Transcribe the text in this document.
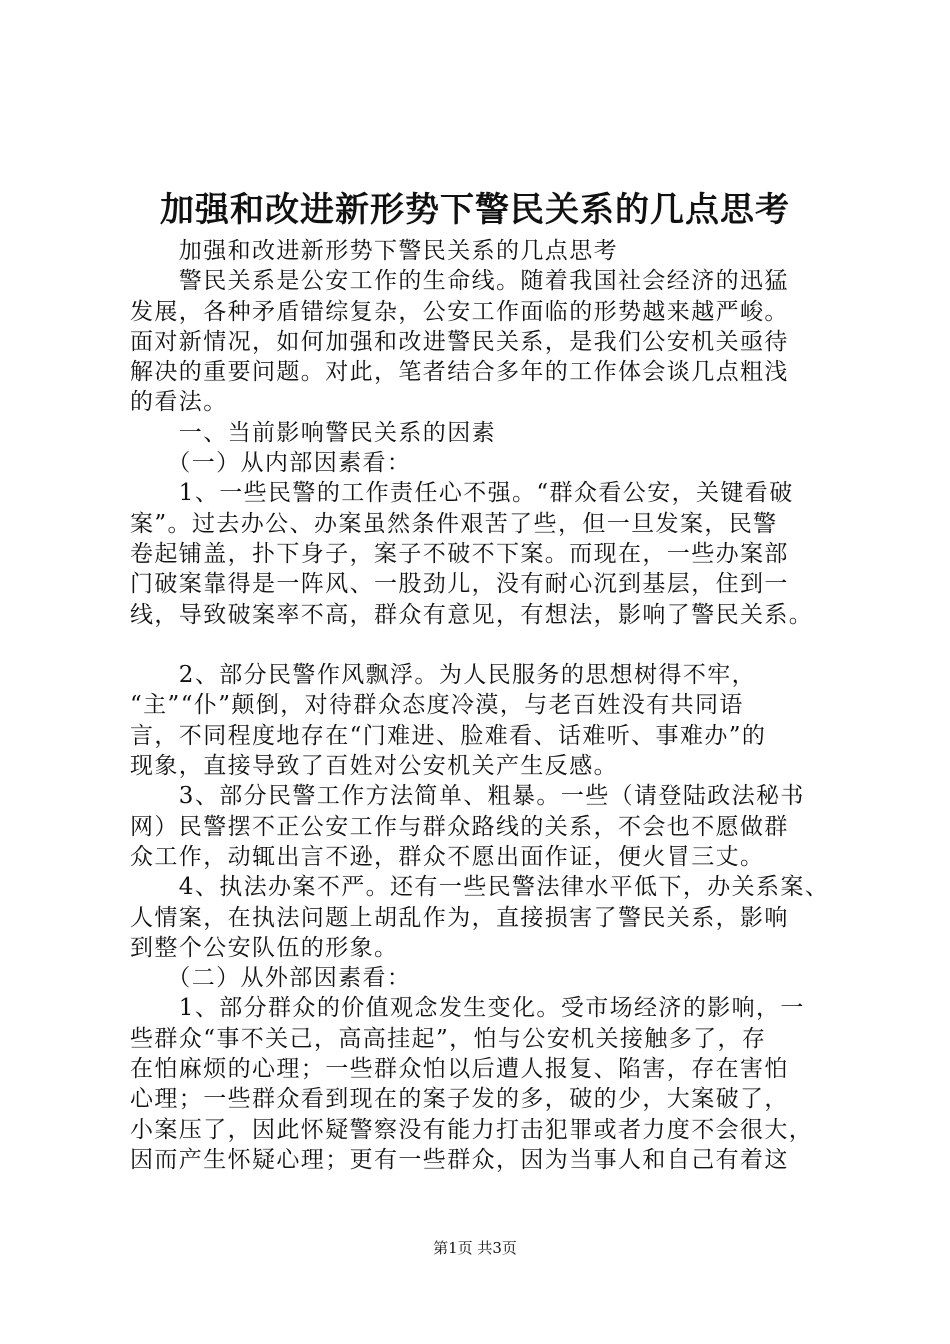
加强和改进新形势下警民关系的几点思考
　　加强和改进新形势下警民关系的几点思考
　　警民关系是公安工作的生命线。随着我国社会经济的迅猛
发展，各种矛盾错综复杂，公安工作面临的形势越来越严峻。
面对新情况，如何加强和改进警民关系，是我们公安机关亟待
解决的重要问题。对此，笔者结合多年的工作体会谈几点粗浅
的看法。
　　一、当前影响警民关系的因素
　　（一）从内部因素看：
　　1、一些民警的工作责任心不强。“群众看公安，关键看破
案”。过去办公、办案虽然条件艰苦了些，但一旦发案，民警
卷起铺盖，扑下身子，案子不破不下案。而现在，一些办案部
门破案靠得是一阵风、一股劲儿，没有耐心沉到基层，住到一
线，导致破案率不高，群众有意见，有想法，影响了警民关系。
　　2、部分民警作风飘浮。为人民服务的思想树得不牢，
“主”“仆”颠倒，对待群众态度冷漠，与老百姓没有共同语
言，不同程度地存在“门难进、脸难看、话难听、事难办”的
现象，直接导致了百姓对公安机关产生反感。
　　3、部分民警工作方法简单、粗暴。一些（请登陆政法秘书
网）民警摆不正公安工作与群众路线的关系，不会也不愿做群
众工作，动辄出言不逊，群众不愿出面作证，便火冒三丈。
　　4、执法办案不严。还有一些民警法律水平低下，办关系案、
人情案，在执法问题上胡乱作为，直接损害了警民关系，影响
到整个公安队伍的形象。
　　（二）从外部因素看：
　　1、部分群众的价值观念发生变化。受市场经济的影响，一
些群众“事不关己，高高挂起”，怕与公安机关接触多了，存
在怕麻烦的心理；一些群众怕以后遭人报复、陷害，存在害怕
心理；一些群众看到现在的案子发的多，破的少，大案破了，
小案压了，因此怀疑警察没有能力打击犯罪或者力度不会很大，
因而产生怀疑心理；更有一些群众，因为当事人和自己有着这
第1页 共3页
